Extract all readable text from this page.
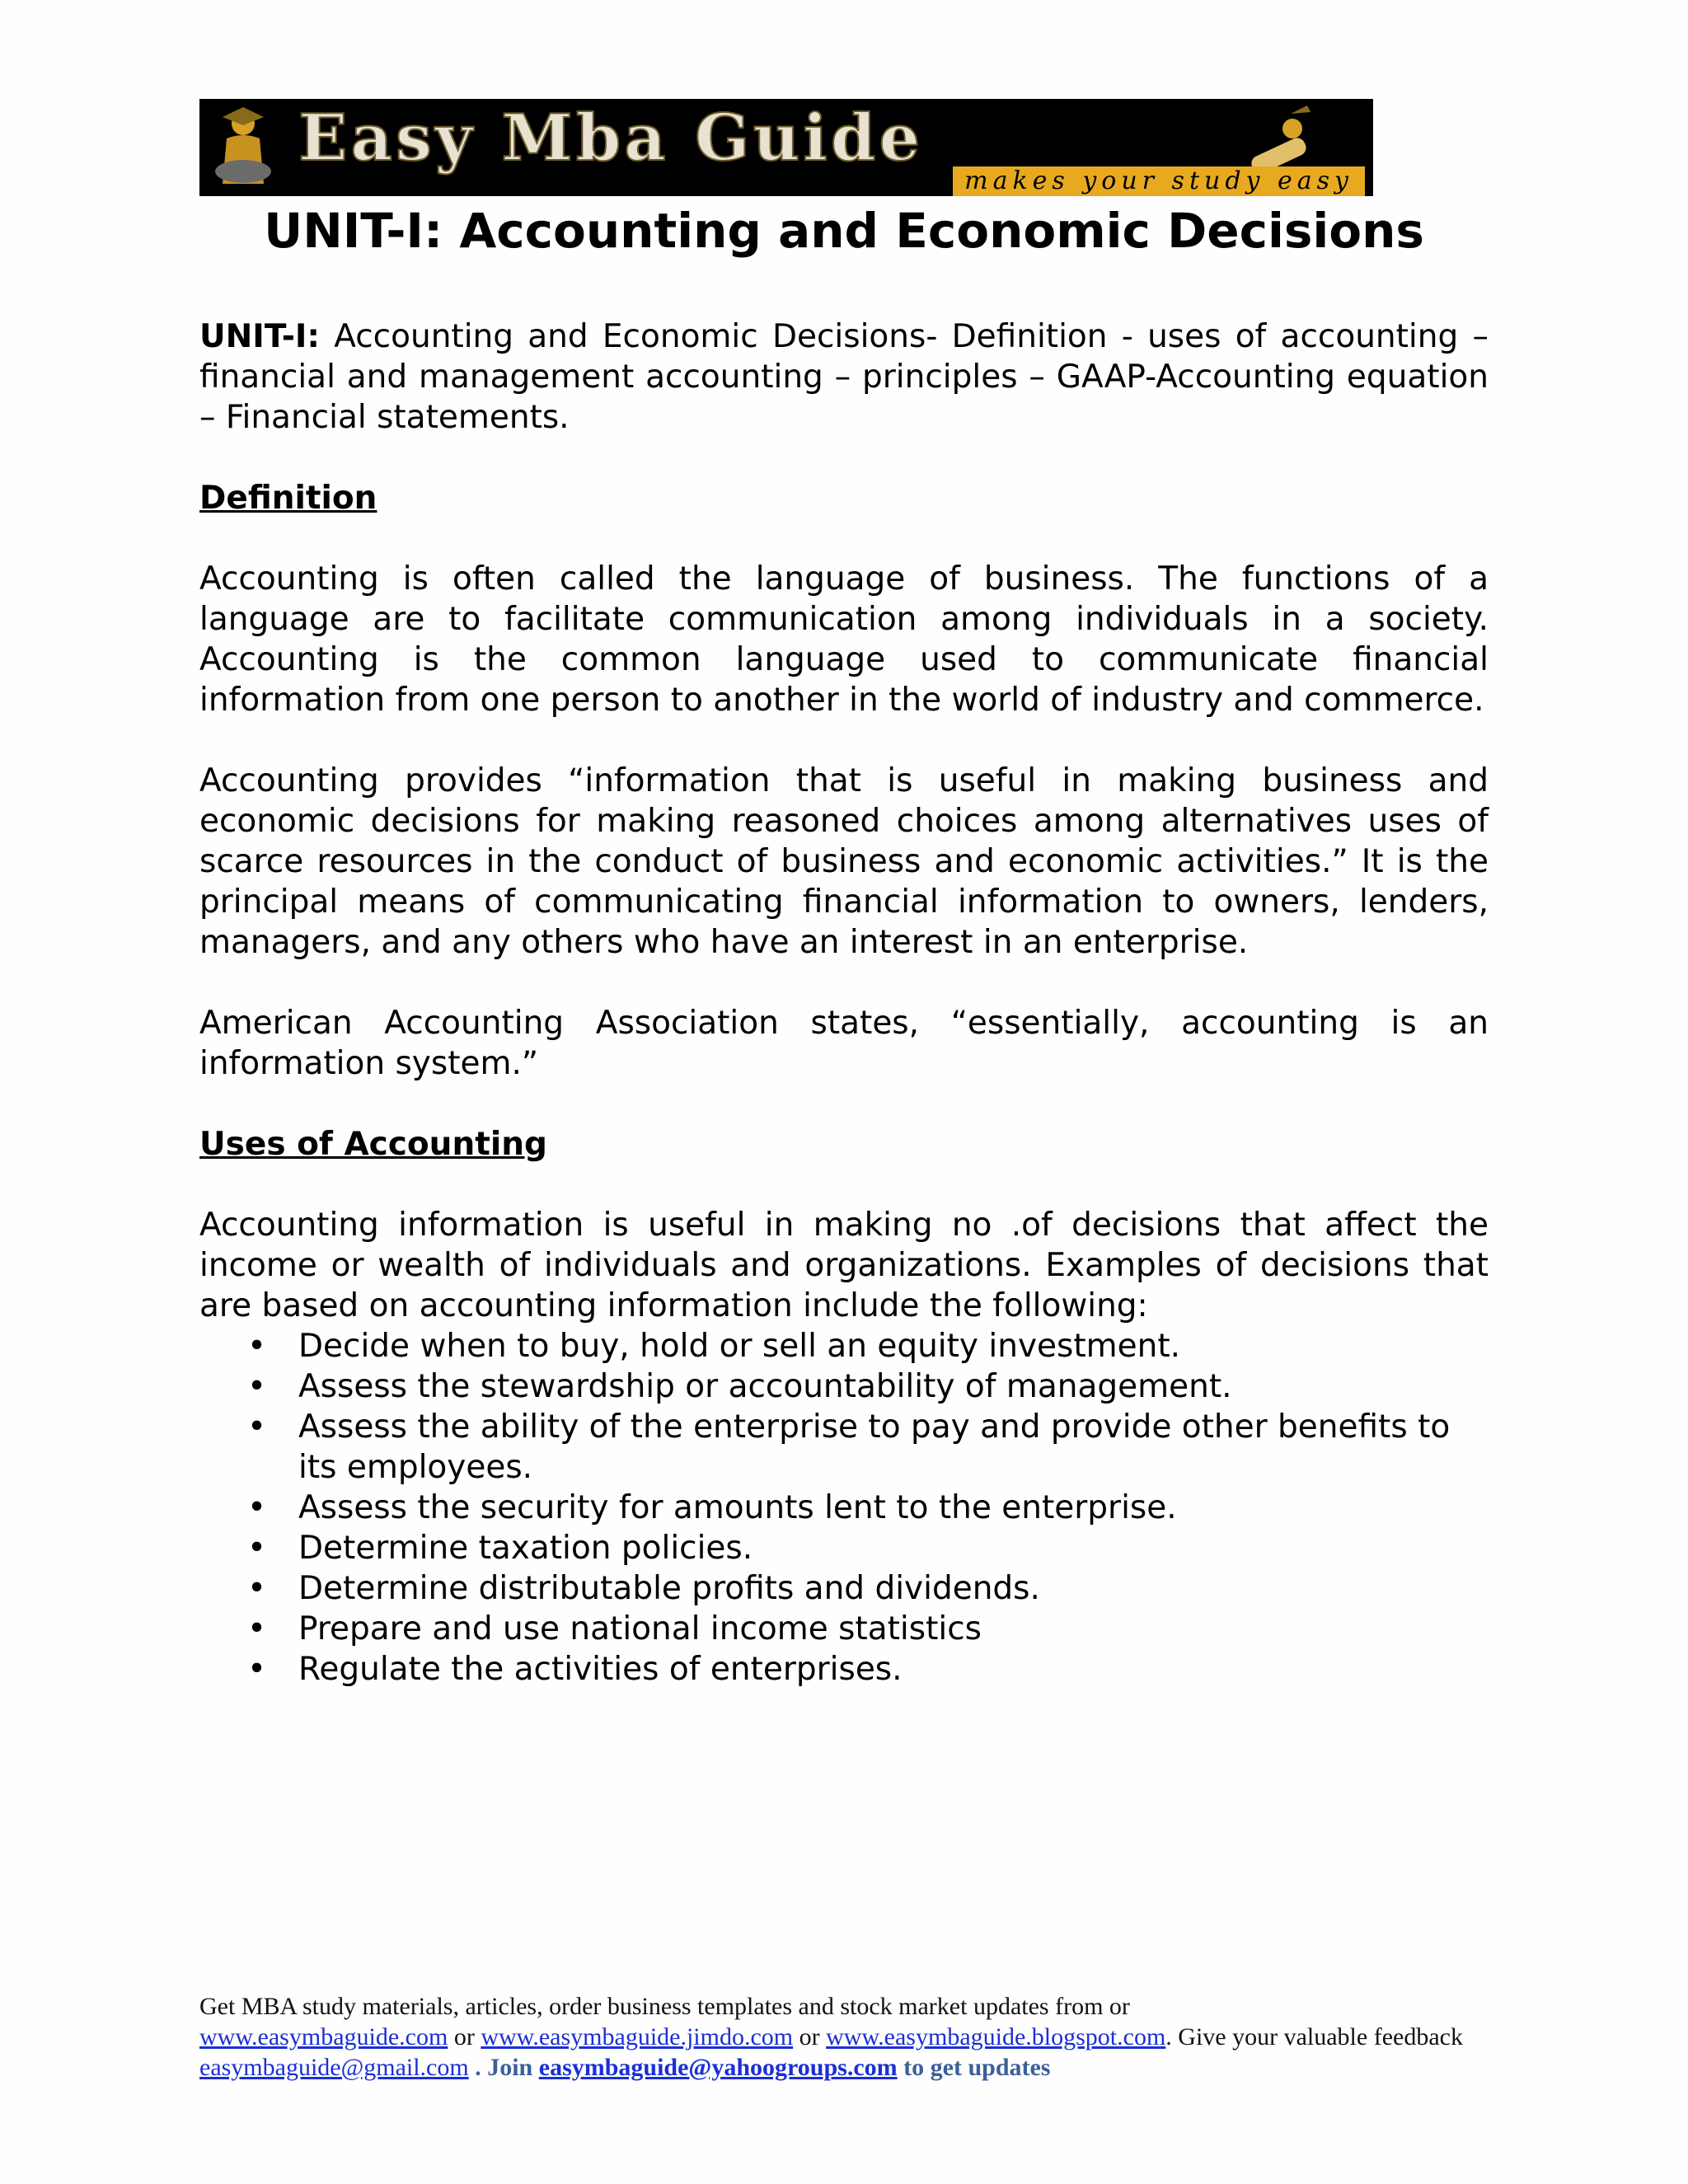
Easy Mba Guide
makes your study easy
UNIT-I: Accounting and Economic Decisions

UNIT-I: Accounting and Economic Decisions- Definition - uses of accounting – financial and management accounting – principles – GAAP-Accounting equation – Financial statements.

Definition

Accounting is often called the language of business. The functions of a language are to facilitate communication among individuals in a society. Accounting is the common language used to communicate financial information from one person to another in the world of industry and commerce.

Accounting provides “information that is useful in making business and economic decisions for making reasoned choices among alternatives uses of scarce resources in the conduct of business and economic activities.” It is the principal means of communicating financial information to owners, lenders, managers, and any others who have an interest in an enterprise.

American Accounting Association states, “essentially, accounting is an information system.”

Uses of Accounting

Accounting information is useful in making no .of decisions that affect the income or wealth of individuals and organizations. Examples of decisions that are based on accounting information include the following:

• Decide when to buy, hold or sell an equity investment.
• Assess the stewardship or accountability of management.
• Assess the ability of the enterprise to pay and provide other benefits to its employees.
• Assess the security for amounts lent to the enterprise.
• Determine taxation policies.
• Determine distributable profits and dividends.
• Prepare and use national income statistics
• Regulate the activities of enterprises.
Get MBA study materials, articles, order business templates and stock market updates from or
www.easymbaguide.com or www.easymbaguide.jimdo.com or www.easymbaguide.blogspot.com. Give your valuable feedback easymbaguide@gmail.com . Join easymbaguide@yahoogroups.com to get updates
